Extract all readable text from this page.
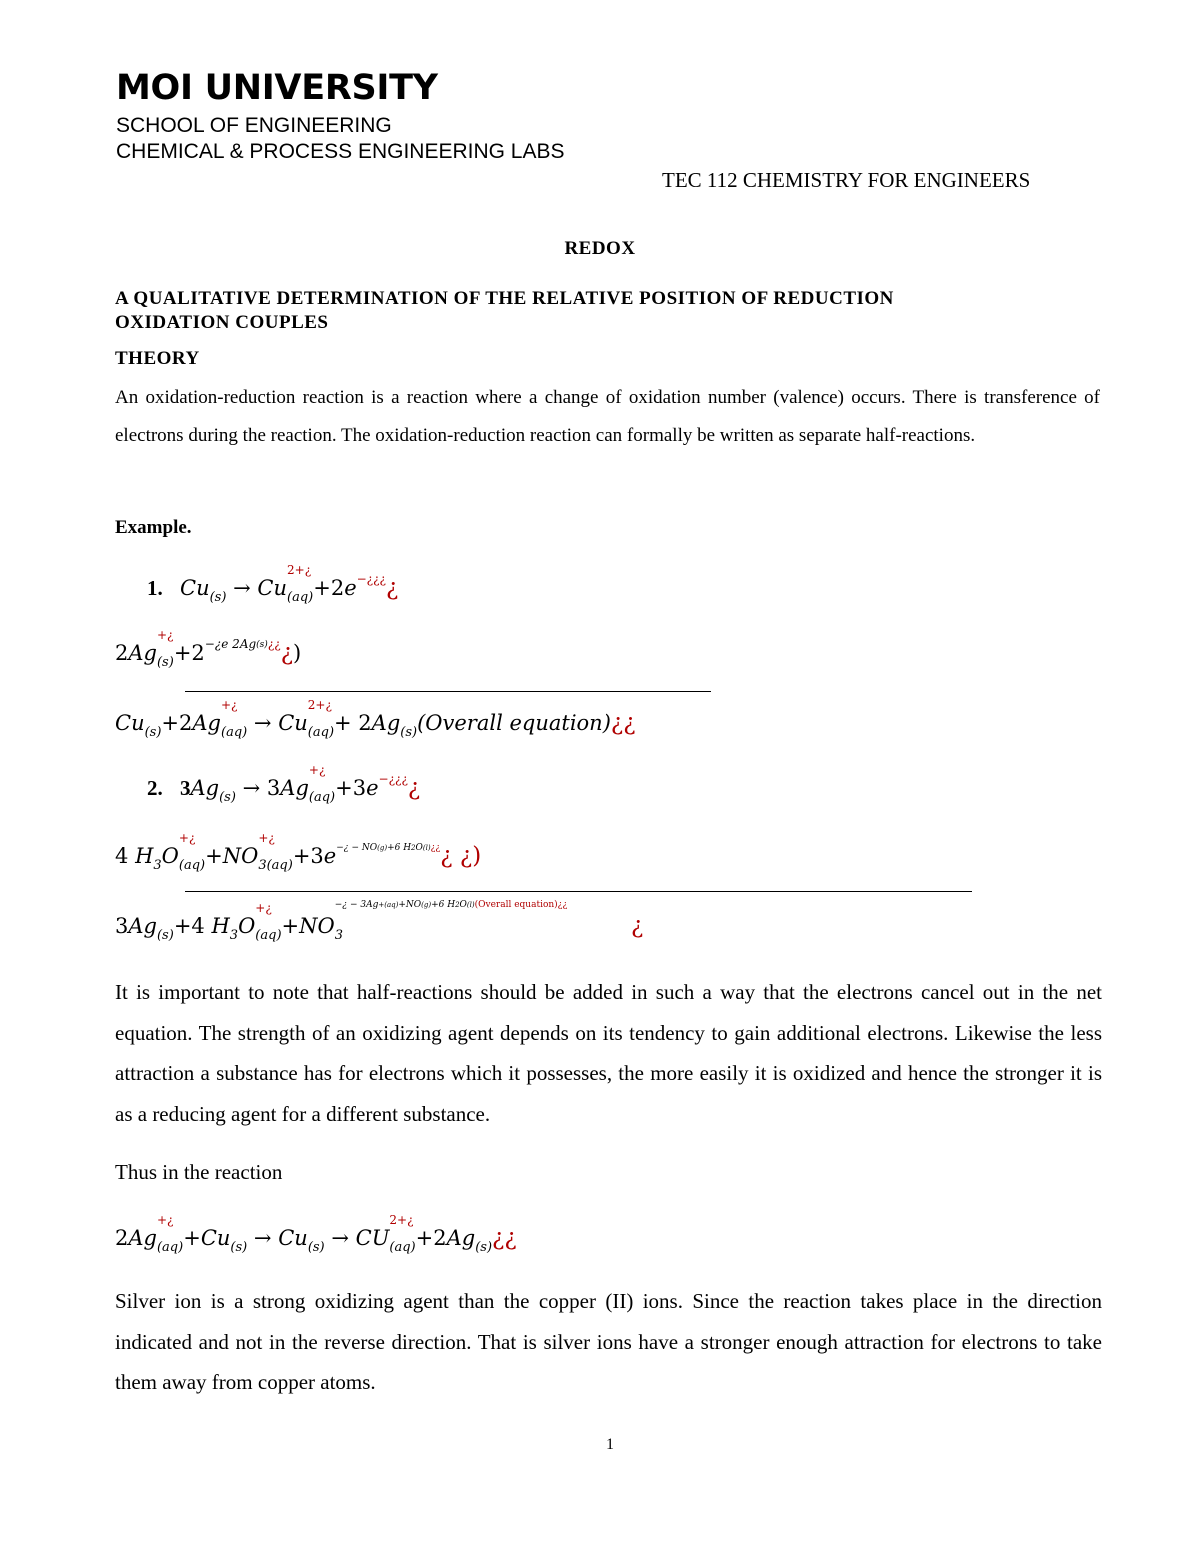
MOI UNIVERSITY
SCHOOL OF ENGINEERING
CHEMICAL & PROCESS ENGINEERING LABS
TEC 112 CHEMISTRY FOR ENGINEERS
REDOX
A QUALITATIVE DETERMINATION OF THE RELATIVE POSITION OF REDUCTION
OXIDATION COUPLES
THEORY
An oxidation-reduction reaction is a reaction where a change of oxidation number (valence) occurs. There is transference of electrons during the reaction. The oxidation-reduction reaction can formally be written as separate half-reactions.
Example.
1. $Cu_{(s)} \to Cu$
2+¿
$_{(aq)}$+2e−¿¿¿¿
2Ag
+¿
$_{(s)}+2^{-¿e 2Ag(s)¿¿}¿$)
$Cu_{(s)}+2Ag$
+¿
$_{(aq)}$ → Cu
2+¿
$_{(aq)}+ 2Ag_{(s)}(Overall$ equation)¿¿
2. $3Ag_{(s)} \to 3Ag$
+¿
$_{(aq)}$+3e−¿¿¿¿
4 $H_3O$
+¿
$_{(aq)}$+NO
+¿
$_{3(aq)}+3e^{-¿ - NO(g)+6 H2O(l)¿¿}¿$ ¿)
$3Ag_{(s)}+4$ $H_3O$
+¿
$_{(aq)}$+NO
−¿ − 3Ag+(aq)+NO(g)+6 H2O(l)(Overall equation)¿¿
$_3$	¿
It is important to note that half-reactions should be added in such a way that the electrons cancel out in the net equation. The strength of an oxidizing agent depends on its tendency to gain additional electrons. Likewise the less attraction a substance has for electrons which it possesses, the more easily it is oxidized and hence the stronger it is as a reducing agent for a different substance.
Thus in the reaction
2Ag
+¿
$_{(aq)}+Cu_{(s)} \to Cu_{(s)}$ → CU
2+¿
$_{(aq)}+2Ag_{(s)}¿¿$
Silver ion is a strong oxidizing agent than the copper (II) ions. Since the reaction takes place in the direction indicated and not in the reverse direction. That is silver ions have a stronger enough attraction for electrons to take them away from copper atoms.
1
